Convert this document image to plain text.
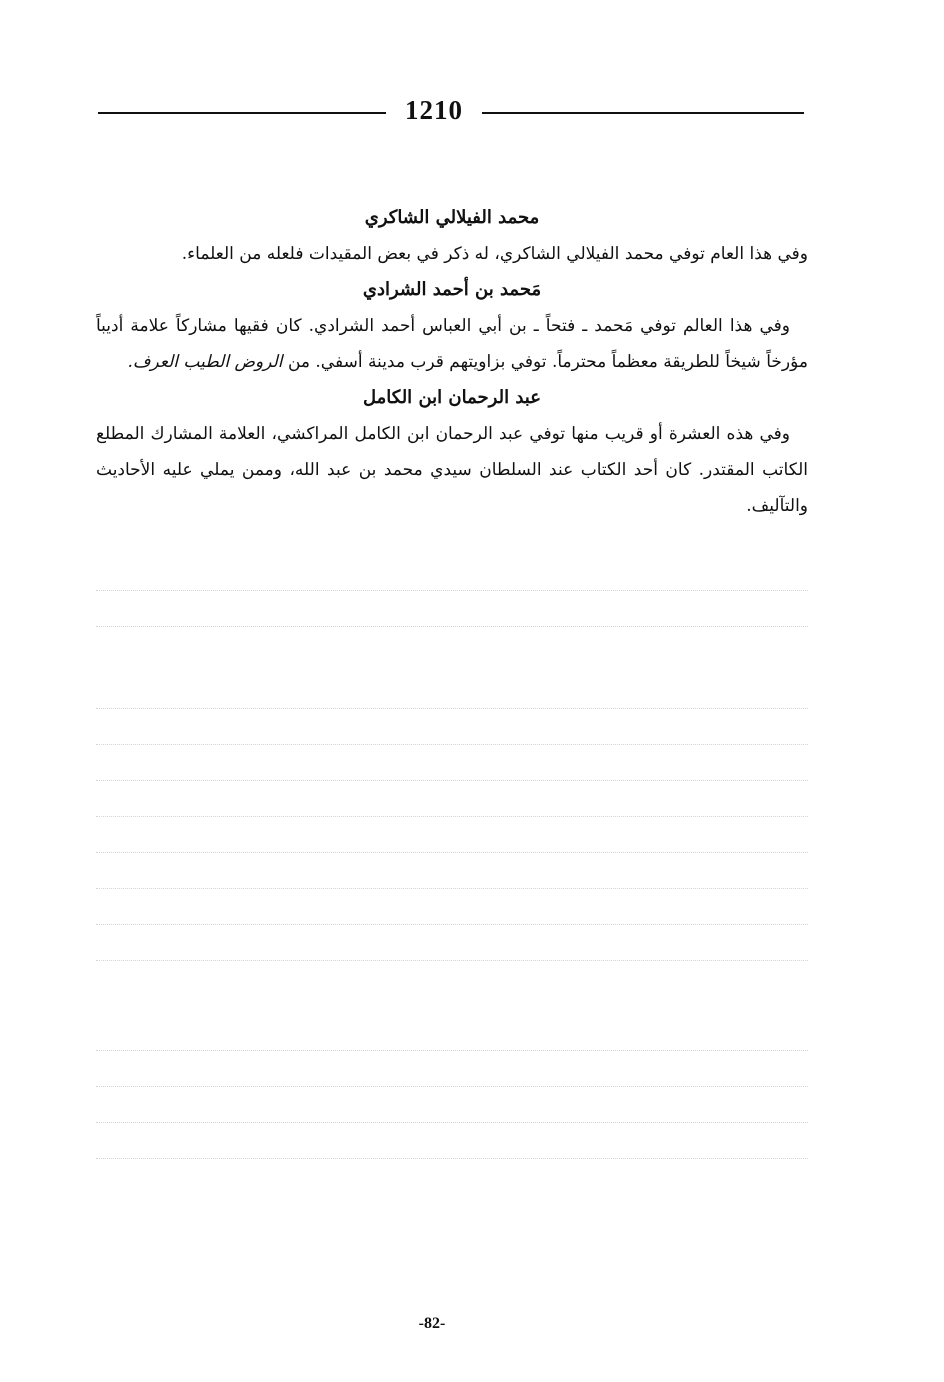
1210
محمد الفيلالي الشاكري

وفي هذا العام توفي محمد الفيلالي الشاكري، له ذكر في بعض المقيدات فلعله من العلماء.

مَحمد بن أحمد الشرادي

وفي هذا العالم توفي مَحمد ـ فتحاً ـ بن أبي العباس أحمد الشرادي. كان فقيها مشاركاً علامة أديباً مؤرخاً شيخاً للطريقة معظماً محترماً. توفي بزاويتهم قرب مدينة أسفي. من الروض الطيب العرف.

عبد الرحمان ابن الكامل

وفي هذه العشرة أو قريب منها توفي عبد الرحمان ابن الكامل المراكشي، العلامة المشارك المطلع الكاتب المقتدر. كان أحد الكتاب عند السلطان سيدي محمد بن عبد الله، وممن يملي عليه الأحاديث والتآليف.

-82-
